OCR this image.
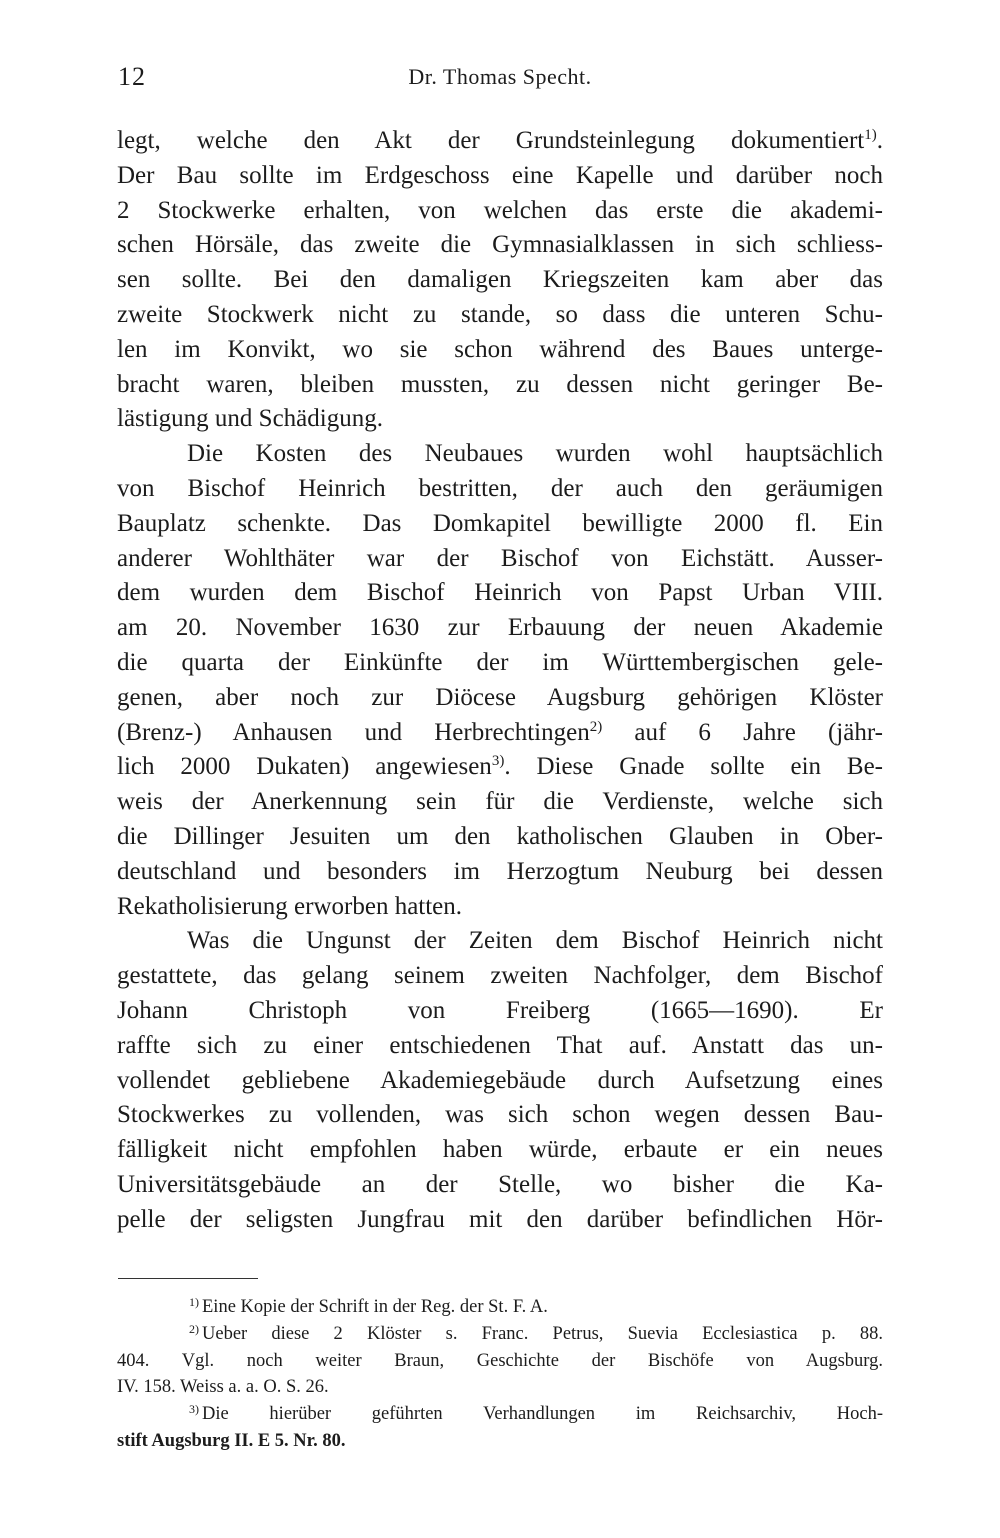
12	Dr. Thomas Specht.
legt, welche den Akt der Grundsteinlegung dokumentiert$^{1)}$.
Der Bau sollte im Erdgeschoss eine Kapelle und darüber noch
2 Stockwerke erhalten, von welchen das erste die akademi-
schen Hörsäle, das zweite die Gymnasialklassen in sich schliess-
sen sollte. Bei den damaligen Kriegszeiten kam aber das
zweite Stockwerk nicht zu stande, so dass die unteren Schu-
len im Konvikt, wo sie schon während des Baues unterge-
bracht waren, bleiben mussten, zu dessen nicht geringer Be-
lästigung und Schädigung.
Die Kosten des Neubaues wurden wohl hauptsächlich
von Bischof Heinrich bestritten, der auch den geräumigen
Bauplatz schenkte. Das Domkapitel bewilligte 2000 fl. Ein
anderer Wohlthäter war der Bischof von Eichstätt. Ausser-
dem wurden dem Bischof Heinrich von Papst Urban VIII.
am 20. November 1630 zur Erbauung der neuen Akademie
die quarta der Einkünfte der im Württembergischen gele-
genen, aber noch zur Diöcese Augsburg gehörigen Klöster
(Brenz-) Anhausen und Herbrechtingen$^{2)}$ auf 6 Jahre (jähr-
lich 2000 Dukaten) angewiesen$^{3)}$. Diese Gnade sollte ein Be-
weis der Anerkennung sein für die Verdienste, welche sich
die Dillinger Jesuiten um den katholischen Glauben in Ober-
deutschland und besonders im Herzogtum Neuburg bei dessen
Rekatholisierung erworben hatten.
Was die Ungunst der Zeiten dem Bischof Heinrich nicht
gestattete, das gelang seinem zweiten Nachfolger, dem Bischof
Johann Christoph von Freiberg (1665—1690). Er
raffte sich zu einer entschiedenen That auf. Anstatt das un-
vollendet gebliebene Akademiegebäude durch Aufsetzung eines
Stockwerkes zu vollenden, was sich schon wegen dessen Bau-
fälligkeit nicht empfohlen haben würde, erbaute er ein neues
Universitätsgebäude an der Stelle, wo bisher die Ka-
pelle der seligsten Jungfrau mit den darüber befindlichen Hör-
$^{1)}$ Eine Kopie der Schrift in der Reg. der St. F. A.
$^{2)}$ Ueber diese 2 Klöster s. Franc. Petrus, Suevia Ecclesiastica p. 88.
404. Vgl. noch weiter Braun, Geschichte der Bischöfe von Augsburg.
IV. 158. Weiss a. a. O. S. 26.
$^{3)}$ Die hierüber geführten Verhandlungen im Reichsarchiv, Hoch-
stift Augsburg II. E 5. Nr. 80.
